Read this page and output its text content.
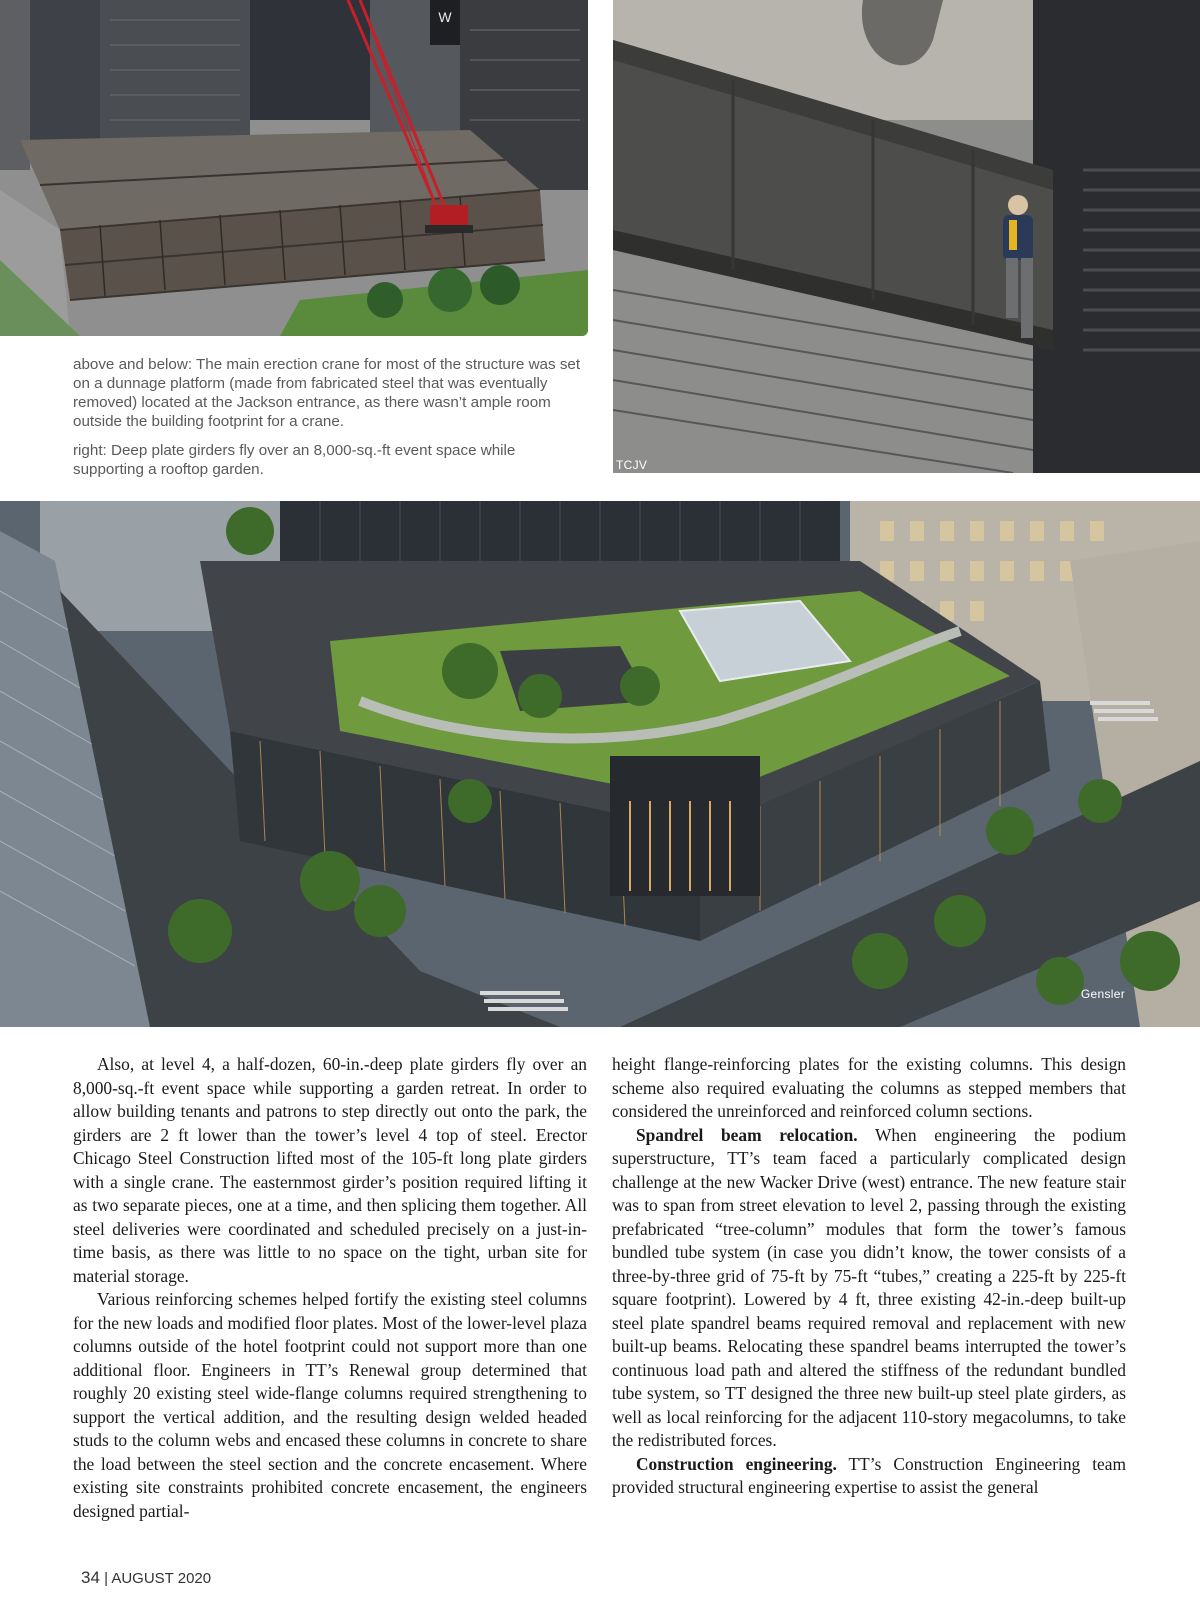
W
TCJV

above and below: The main erection crane for most of the structure was set on a dunnage platform (made from fabricated steel that was eventually removed) located at the Jackson entrance, as there wasn’t ample room outside the building footprint for a crane.

right: Deep plate girders fly over an 8,000-sq.-ft event space while supporting a rooftop garden.

Gensler

Also, at level 4, a half-dozen, 60-in.-deep plate girders fly over an 8,000-sq.-ft event space while supporting a garden retreat. In order to allow building tenants and patrons to step directly out onto the park, the girders are 2 ft lower than the tower’s level 4 top of steel. Erector Chicago Steel Construction lifted most of the 105-ft long plate girders with a single crane. The easternmost girder’s position required lifting it as two separate pieces, one at a time, and then splicing them together. All steel deliveries were coordinated and scheduled precisely on a just-in-time basis, as there was little to no space on the tight, urban site for material storage.

Various reinforcing schemes helped fortify the existing steel columns for the new loads and modified floor plates. Most of the lower-level plaza columns outside of the hotel footprint could not support more than one additional floor. Engineers in TT’s Renewal group determined that roughly 20 existing steel wide-flange columns required strengthening to support the vertical addition, and the resulting design welded headed studs to the column webs and encased these columns in concrete to share the load between the steel section and the concrete encasement. Where existing site constraints prohibited concrete encasement, the engineers designed partial-

height flange-reinforcing plates for the existing columns. This design scheme also required evaluating the columns as stepped members that considered the unreinforced and reinforced column sections.

Spandrel beam relocation. When engineering the podium superstructure, TT’s team faced a particularly complicated design challenge at the new Wacker Drive (west) entrance. The new feature stair was to span from street elevation to level 2, passing through the existing prefabricated “tree-column” modules that form the tower’s famous bundled tube system (in case you didn’t know, the tower consists of a three-by-three grid of 75-ft by 75-ft “tubes,” creating a 225-ft by 225-ft square footprint). Lowered by 4 ft, three existing 42-in.-deep built-up steel plate spandrel beams required removal and replacement with new built-up beams. Relocating these spandrel beams interrupted the tower’s continuous load path and altered the stiffness of the redundant bundled tube system, so TT designed the three new built-up steel plate girders, as well as local reinforcing for the adjacent 110-story megacolumns, to take the redistributed forces.

Construction engineering. TT’s Construction Engineering team provided structural engineering expertise to assist the general

34 | AUGUST 2020
